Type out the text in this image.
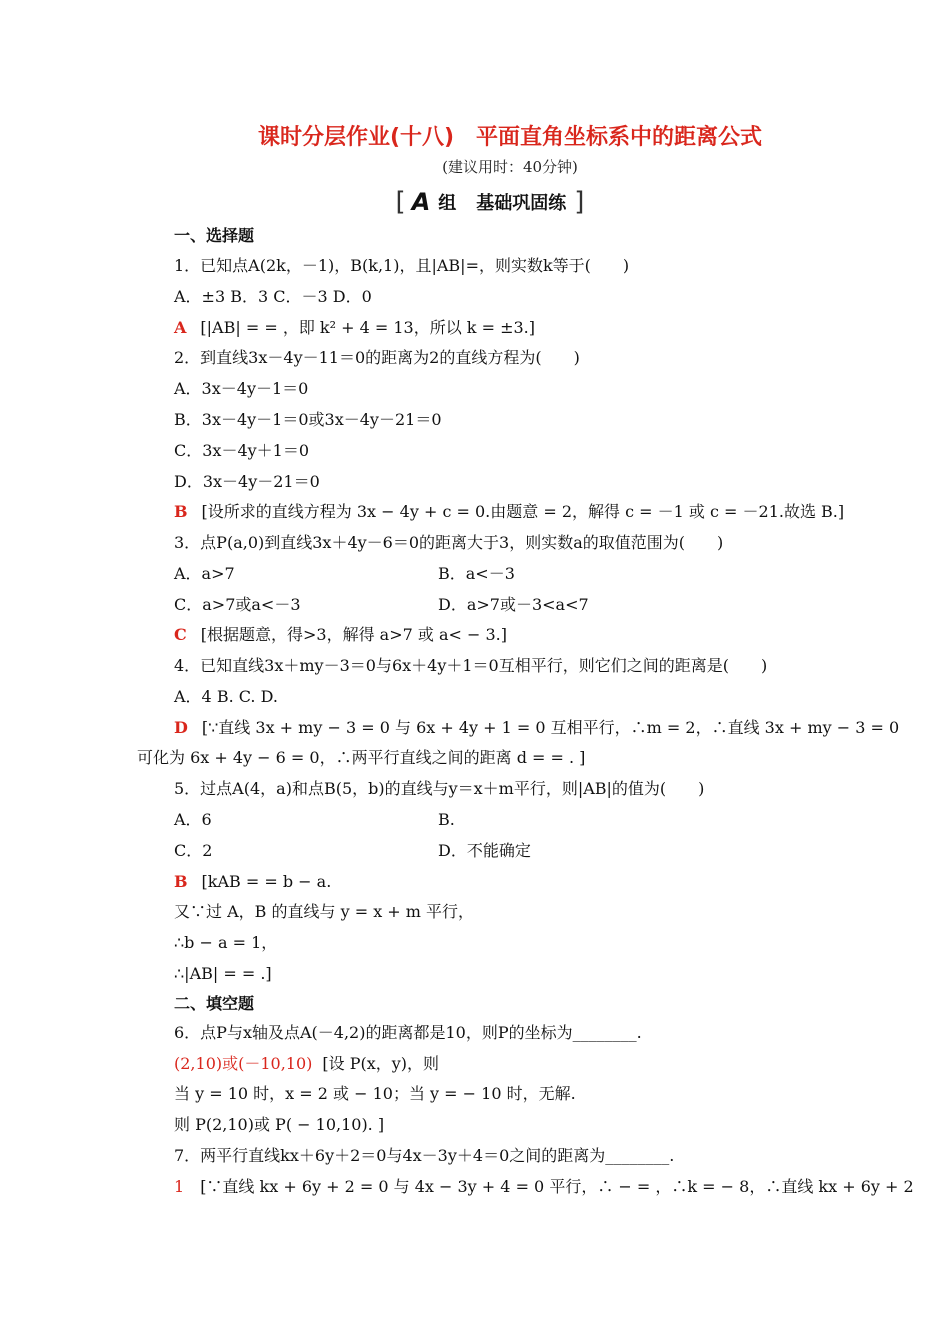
课时分层作业(十八)　平面直角坐标系中的距离公式
(建议用时：40分钟)
[ A 组 基础巩固练 ]
一、选择题
1．已知点A(2k，－1)，B(k,1)，且|AB|=，则实数k等于(　　)
A．±3 B．3 C．－3 D．0
A [|AB| = = ，即 k² + 4 = 13，所以 k = ±3.]
2．到直线3x－4y－11＝0的距离为2的直线方程为(　　)
A．3x－4y－1＝0
B．3x－4y－1＝0或3x－4y－21＝0
C．3x－4y＋1＝0
D．3x－4y－21＝0
B [设所求的直线方程为 3x − 4y + c = 0.由题意 = 2，解得 c = －1 或 c = －21.故选 B.]
3．点P(a,0)到直线3x＋4y－6＝0的距离大于3，则实数a的取值范围为(　　)
A．a>7	B．a<－3
C．a>7或a<－3	D．a>7或－3<a<7
C [根据题意，得>3，解得 a>7 或 a< − 3.]
4．已知直线3x＋my－3＝0与6x＋4y＋1＝0互相平行，则它们之间的距离是(　　)
A．4 B. C. D.
D [∵直线 3x + my − 3 = 0 与 6x + 4y + 1 = 0 互相平行，∴m = 2，∴直线 3x + my − 3 = 0
可化为 6x + 4y − 6 = 0，∴两平行直线之间的距离 d = = . ]
5．过点A(4，a)和点B(5，b)的直线与y＝x＋m平行，则|AB|的值为(　　)
A．6	B.
C．2	D．不能确定
B [kAB = = b − a.
又∵过 A，B 的直线与 y = x + m 平行，
∴b − a = 1，
∴|AB| = = .]
二、填空题
6．点P与x轴及点A(－4,2)的距离都是10，则P的坐标为________.
(2,10)或(－10,10) [设 P(x，y)，则
当 y = 10 时，x = 2 或 − 10；当 y = − 10 时，无解.
则 P(2,10)或 P( − 10,10). ]
7．两平行直线kx＋6y＋2＝0与4x－3y＋4＝0之间的距离为________.
1 [∵直线 kx + 6y + 2 = 0 与 4x − 3y + 4 = 0 平行，∴ − = ，∴k = − 8，∴直线 kx + 6y + 2
